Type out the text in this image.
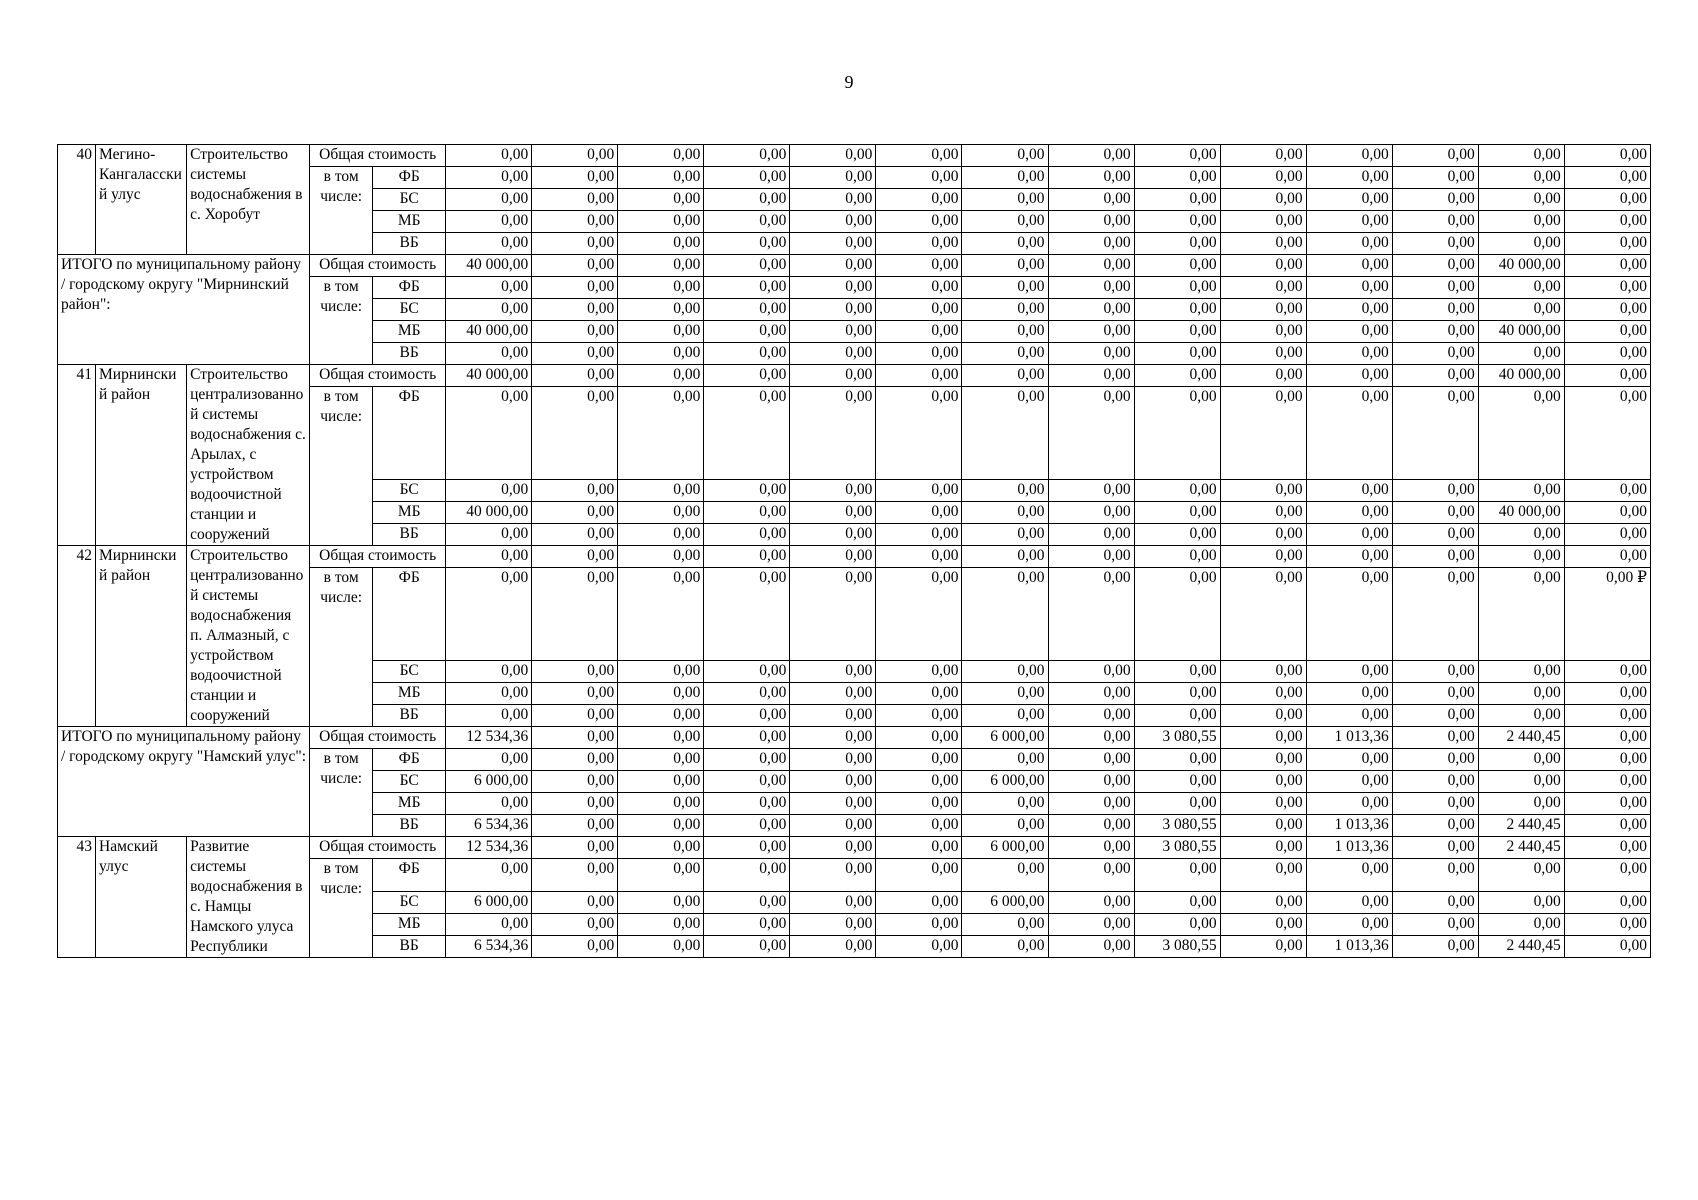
9
40	Мегино-Кангаласский улус	Строительство системы водоснабжения в с. Хоробут	Общая стоимость		0,00	0,00	0,00	0,00	0,00	0,00	0,00	0,00	0,00	0,00	0,00	0,00	0,00	0,00
			в том числе:	ФБ	0,00	0,00	0,00	0,00	0,00	0,00	0,00	0,00	0,00	0,00	0,00	0,00	0,00	0,00
				БС	0,00	0,00	0,00	0,00	0,00	0,00	0,00	0,00	0,00	0,00	0,00	0,00	0,00	0,00
				МБ	0,00	0,00	0,00	0,00	0,00	0,00	0,00	0,00	0,00	0,00	0,00	0,00	0,00	0,00
				ВБ	0,00	0,00	0,00	0,00	0,00	0,00	0,00	0,00	0,00	0,00	0,00	0,00	0,00	0,00
ИТОГО по муниципальному району / городскому округу "Мирнинский район":			Общая стоимость		40 000,00	0,00	0,00	0,00	0,00	0,00	0,00	0,00	0,00	0,00	0,00	0,00	40 000,00	0,00
			в том числе:	ФБ	0,00	0,00	0,00	0,00	0,00	0,00	0,00	0,00	0,00	0,00	0,00	0,00	0,00	0,00
				БС	0,00	0,00	0,00	0,00	0,00	0,00	0,00	0,00	0,00	0,00	0,00	0,00	0,00	0,00
				МБ	40 000,00	0,00	0,00	0,00	0,00	0,00	0,00	0,00	0,00	0,00	0,00	0,00	40 000,00	0,00
				ВБ	0,00	0,00	0,00	0,00	0,00	0,00	0,00	0,00	0,00	0,00	0,00	0,00	0,00	0,00
41	Мирнинский район	Строительство централизованной системы водоснабжения с. Арылах, с устройством водоочистной станции и сооружений	Общая стоимость		40 000,00	0,00	0,00	0,00	0,00	0,00	0,00	0,00	0,00	0,00	0,00	0,00	40 000,00	0,00
			в том числе:	ФБ	0,00	0,00	0,00	0,00	0,00	0,00	0,00	0,00	0,00	0,00	0,00	0,00	0,00	0,00
				БС	0,00	0,00	0,00	0,00	0,00	0,00	0,00	0,00	0,00	0,00	0,00	0,00	0,00	0,00
				МБ	40 000,00	0,00	0,00	0,00	0,00	0,00	0,00	0,00	0,00	0,00	0,00	0,00	40 000,00	0,00
				ВБ	0,00	0,00	0,00	0,00	0,00	0,00	0,00	0,00	0,00	0,00	0,00	0,00	0,00	0,00
42	Мирнинский район	Строительство централизованной системы водоснабжения п. Алмазный, с устройством водоочистной станции и сооружений	Общая стоимость		0,00	0,00	0,00	0,00	0,00	0,00	0,00	0,00	0,00	0,00	0,00	0,00	0,00	0,00
			в том числе:	ФБ	0,00	0,00	0,00	0,00	0,00	0,00	0,00	0,00	0,00	0,00	0,00	0,00	0,00	0,00 ₽
				БС	0,00	0,00	0,00	0,00	0,00	0,00	0,00	0,00	0,00	0,00	0,00	0,00	0,00	0,00
				МБ	0,00	0,00	0,00	0,00	0,00	0,00	0,00	0,00	0,00	0,00	0,00	0,00	0,00	0,00
				ВБ	0,00	0,00	0,00	0,00	0,00	0,00	0,00	0,00	0,00	0,00	0,00	0,00	0,00	0,00
ИТОГО по муниципальному району / городскому округу "Намский улус":			Общая стоимость		12 534,36	0,00	0,00	0,00	0,00	0,00	6 000,00	0,00	3 080,55	0,00	1 013,36	0,00	2 440,45	0,00
			в том числе:	ФБ	0,00	0,00	0,00	0,00	0,00	0,00	0,00	0,00	0,00	0,00	0,00	0,00	0,00	0,00
				БС	6 000,00	0,00	0,00	0,00	0,00	0,00	6 000,00	0,00	0,00	0,00	0,00	0,00	0,00	0,00
				МБ	0,00	0,00	0,00	0,00	0,00	0,00	0,00	0,00	0,00	0,00	0,00	0,00	0,00	0,00
				ВБ	6 534,36	0,00	0,00	0,00	0,00	0,00	0,00	0,00	3 080,55	0,00	1 013,36	0,00	2 440,45	0,00
43	Намский улус	Развитие системы водоснабжения в с. Намцы Намского улуса Республики	Общая стоимость		12 534,36	0,00	0,00	0,00	0,00	0,00	6 000,00	0,00	3 080,55	0,00	1 013,36	0,00	2 440,45	0,00
			в том числе:	ФБ	0,00	0,00	0,00	0,00	0,00	0,00	0,00	0,00	0,00	0,00	0,00	0,00	0,00	0,00
				БС	6 000,00	0,00	0,00	0,00	0,00	0,00	6 000,00	0,00	0,00	0,00	0,00	0,00	0,00	0,00
				МБ	0,00	0,00	0,00	0,00	0,00	0,00	0,00	0,00	0,00	0,00	0,00	0,00	0,00	0,00
				ВБ	6 534,36	0,00	0,00	0,00	0,00	0,00	0,00	0,00	3 080,55	0,00	1 013,36	0,00	2 440,45	0,00
